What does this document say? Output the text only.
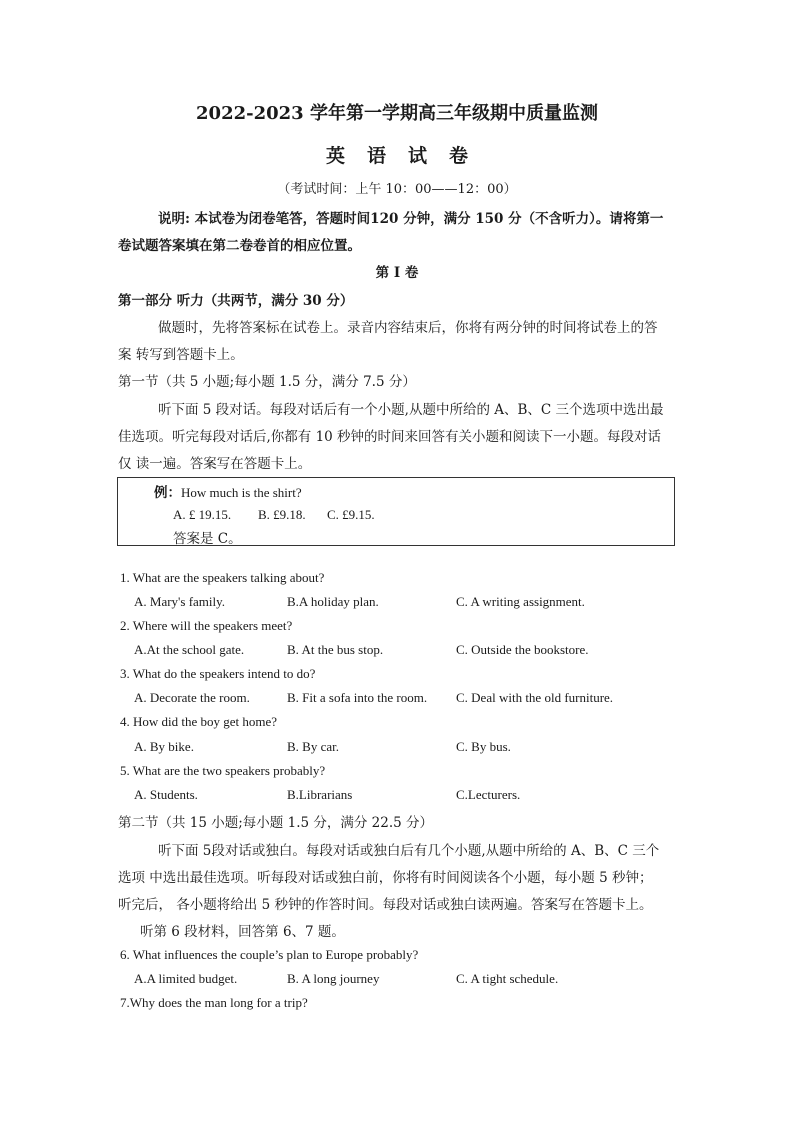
2022-2023 学年第一学期高三年级期中质量监测
英语试卷
（考试时间：上午 10：00——12：00）
说明: 本试卷为闭卷笔答，答题时间120 分钟，满分 150 分（不含听力）。请将第一
卷试题答案填在第二卷卷首的相应位置。
第 I 卷
第一部分 听力（共两节，满分 30 分）
做题时，先将答案标在试卷上。录音内容结束后，你将有两分钟的时间将试卷上的答
案 转写到答题卡上。
第一节（共 5 小题;每小题 1.5 分，满分 7.5 分）
听下面 5 段对话。每段对话后有一个小题,从题中所给的 A、B、C 三个选项中选出最
佳选项。听完每段对话后,你都有 10 秒钟的时间来回答有关小题和阅读下一小题。每段对话
仅 读一遍。答案写在答题卡上。
例：How much is the shirt?
A. £ 19.15. B. £9.18. C. £9.15.
答案是 C。
1. What are the speakers talking about?
A. Mary's family.	B.A holiday plan.	C. A writing assignment.
2. Where will the speakers meet?
A.At the school gate.	B. At the bus stop.	C. Outside the bookstore.
3. What do the speakers intend to do?
A. Decorate the room.	B. Fit a sofa into the room. C. Deal with the old furniture.
4. How did the boy get home?
A. By bike.	B. By car.	C. By bus.
5. What are the two speakers probably?
A. Students.	B.Librarians	C.Lecturers.
第二节（共 15 小题;每小题 1.5 分，满分 22.5 分）
听下面 5段对话或独白。每段对话或独白后有几个小题,从题中所给的 A、B、C 三个
选项 中选出最佳选项。听每段对话或独白前，你将有时间阅读各个小题，每小题 5 秒钟；
听完后， 各小题将给出 5 秒钟的作答时间。每段对话或独白读两遍。答案写在答题卡上。
听第 6 段材料，回答第 6、7 题。
6. What influences the couple’s plan to Europe probably?
A.A limited budget.	B. A long journey	C. A tight schedule.
7.Why does the man long for a trip?
